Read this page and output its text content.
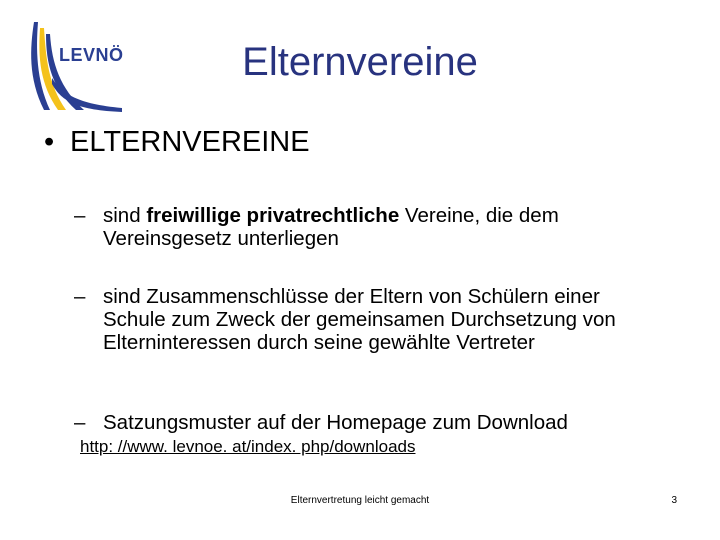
LEVNÖ	Elternvereine
• ELTERNVEREINE
– sind freiwillige privatrechtliche Vereine, die dem Vereinsgesetz unterliegen
– sind Zusammenschlüsse der Eltern von Schülern einer Schule zum Zweck der gemeinsamen Durchsetzung von Elterninteressen durch seine gewählte Vertreter
– Satzungsmuster auf der Homepage zum Download
http: //www. levnoe. at/index. php/downloads
Elternvertretung leicht gemacht	3
